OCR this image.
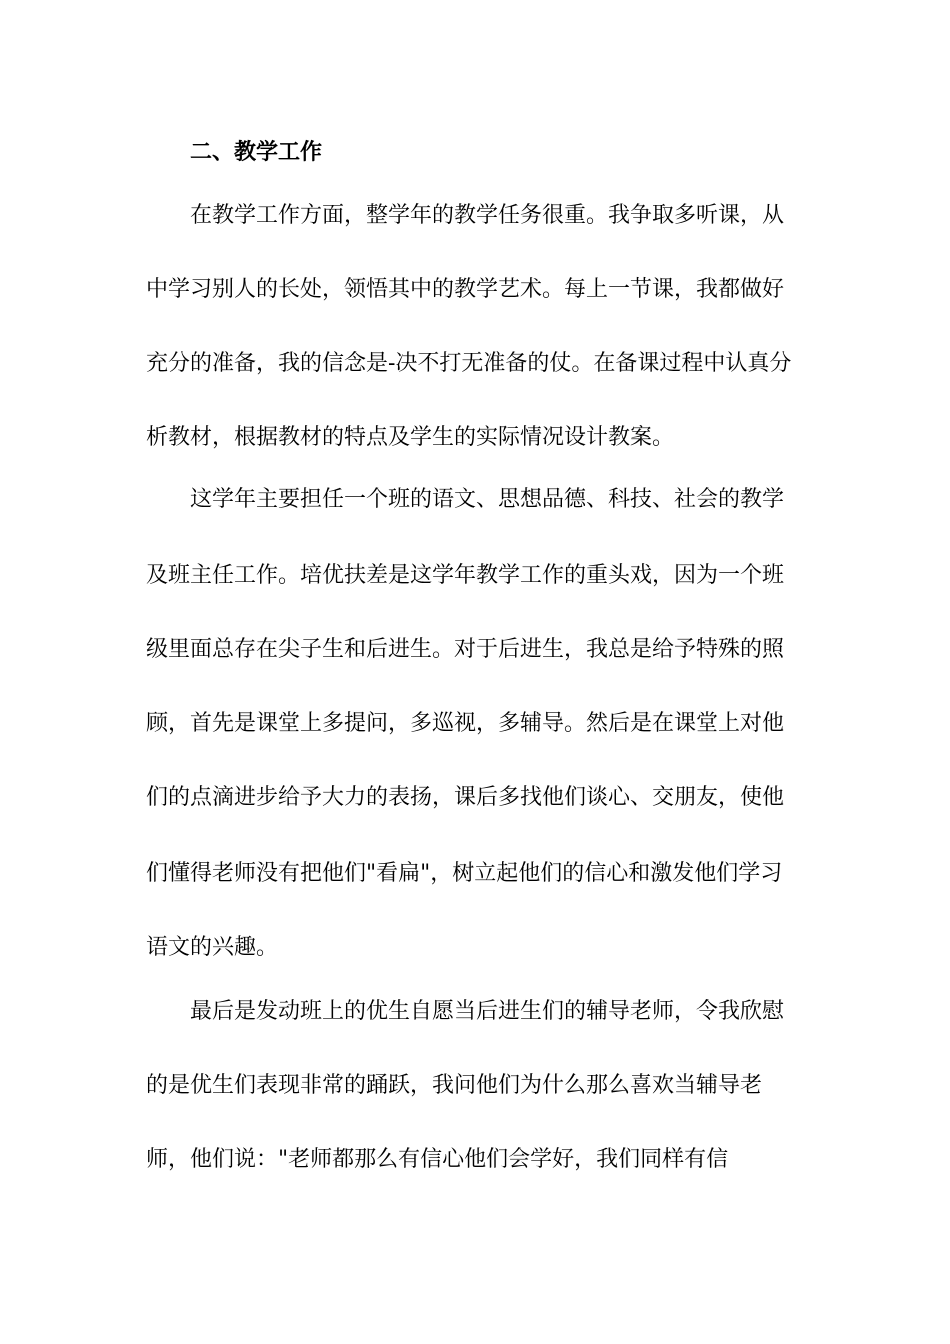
二、教学工作

在教学工作方面，整学年的教学任务很重。我争取多听课，从

中学习别人的长处，领悟其中的教学艺术。每上一节课，我都做好

充分的准备，我的信念是-决不打无准备的仗。在备课过程中认真分

析教材，根据教材的特点及学生的实际情况设计教案。

这学年主要担任一个班的语文、思想品德、科技、社会的教学

及班主任工作。培优扶差是这学年教学工作的重头戏，因为一个班

级里面总存在尖子生和后进生。对于后进生，我总是给予特殊的照

顾，首先是课堂上多提问，多巡视，多辅导。然后是在课堂上对他

们的点滴进步给予大力的表扬，课后多找他们谈心、交朋友，使他

们懂得老师没有把他们"看扁"，树立起他们的信心和激发他们学习

语文的兴趣。

最后是发动班上的优生自愿当后进生们的辅导老师，令我欣慰

的是优生们表现非常的踊跃，我问他们为什么那么喜欢当辅导老

师，他们说："老师都那么有信心他们会学好，我们同样有信
